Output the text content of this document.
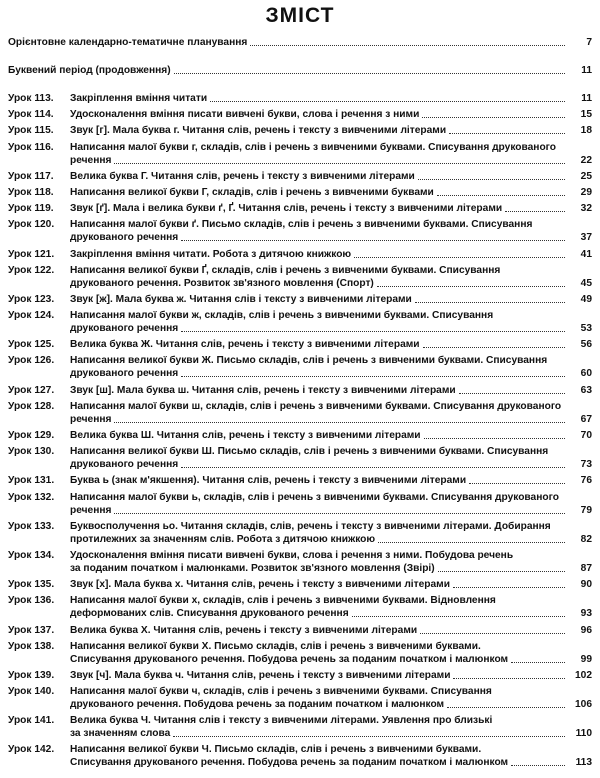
ЗМІСТ
Орієнтовне календарно-тематичне планування	7
Буквений період (продовження)	11
Урок 113.	Закріплення вміння читати	11
Урок 114.	Удосконалення вміння писати вивчені букви, слова і речення з ними	15
Урок 115.	Звук [г]. Мала буква г. Читання слів, речень і тексту з вивченими літерами	18
Урок 116.	Написання малої букви г, складів, слів і речень з вивченими буквами. Списування друкованого
речення	22
Урок 117.	Велика буква Г. Читання слів, речень і тексту з вивченими літерами	25
Урок 118.	Написання великої букви Г, складів, слів і речень з вивченими буквами	29
Урок 119.	Звук [ґ]. Мала і велика букви ґ, Ґ. Читання слів, речень і тексту з вивченими літерами	32
Урок 120.	Написання малої букви ґ. Письмо складів, слів і речень з вивченими буквами. Списування
друкованого речення	37
Урок 121.	Закріплення вміння читати. Робота з дитячою книжкою	41
Урок 122.	Написання великої букви Ґ, складів, слів і речень з вивченими буквами. Списування
друкованого речення. Розвиток зв'язного мовлення (Спорт)	45
Урок 123.	Звук [ж]. Мала буква ж. Читання слів і тексту з вивченими літерами	49
Урок 124.	Написання малої букви ж, складів, слів і речень з вивченими буквами. Списування
друкованого речення	53
Урок 125.	Велика буква Ж. Читання слів, речень і тексту з вивченими літерами	56
Урок 126.	Написання великої букви Ж. Письмо складів, слів і речень з вивченими буквами. Списування
друкованого речення	60
Урок 127.	Звук [ш]. Мала буква ш. Читання слів, речень і тексту з вивченими літерами	63
Урок 128.	Написання малої букви ш, складів, слів і речень з вивченими буквами. Списування друкованого
речення	67
Урок 129.	Велика буква Ш. Читання слів, речень і тексту з вивченими літерами	70
Урок 130.	Написання великої букви Ш. Письмо складів, слів і речень з вивченими буквами. Списування
друкованого речення	73
Урок 131.	Буква ь (знак м'якшення). Читання слів, речень і тексту з вивченими літерами	76
Урок 132.	Написання малої букви ь, складів, слів і речень з вивченими буквами. Списування друкованого
речення	79
Урок 133.	Буквосполучення ьо. Читання складів, слів, речень і тексту з вивченими літерами. Добирання
протилежних за значенням слів. Робота з дитячою книжкою	82
Урок 134.	Удосконалення вміння писати вивчені букви, слова і речення з ними. Побудова речень
за поданим початком і малюнками. Розвиток зв'язного мовлення (Звірі)	87
Урок 135.	Звук [х]. Мала буква х. Читання слів, речень і тексту з вивченими літерами	90
Урок 136.	Написання малої букви х, складів, слів і речень з вивченими буквами. Відновлення
деформованих слів. Списування друкованого речення	93
Урок 137.	Велика буква Х. Читання слів, речень і тексту з вивченими літерами	96
Урок 138.	Написання великої букви Х. Письмо складів, слів і речень з вивченими буквами.
Списування друкованого речення. Побудова речень за поданим початком і малюнком	99
Урок 139.	Звук [ч]. Мала буква ч. Читання слів, речень і тексту з вивченими літерами	102
Урок 140.	Написання малої букви ч, складів, слів і речень з вивченими буквами. Списування
друкованого речення. Побудова речень за поданим початком і малюнком	106
Урок 141.	Велика буква Ч. Читання слів і тексту з вивченими літерами. Уявлення про близькі
за значенням слова	110
Урок 142.	Написання великої букви Ч. Письмо складів, слів і речень з вивченими буквами.
Списування друкованого речення. Побудова речень за поданим початком і малюнком	113
